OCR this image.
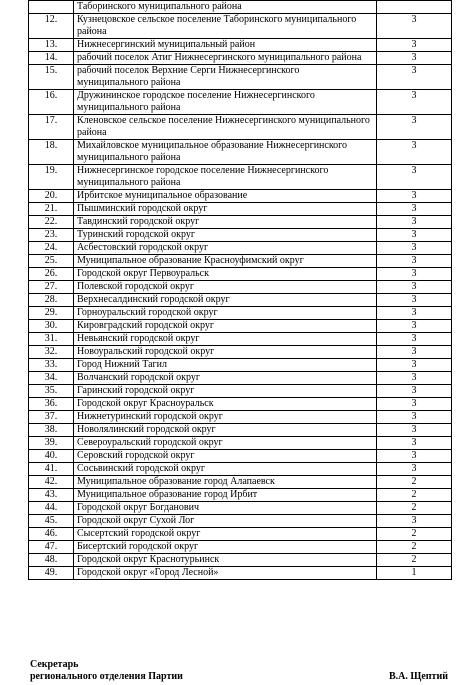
	Таборинского муниципального района	
12.	Кузнецовское сельское поселение Таборинского муниципального района	3
13.	Нижнесергинский муниципальный район	3
14.	рабочий поселок Атиг Нижнесергинского муниципального района	3
15.	рабочий поселок Верхние Серги Нижнесергинского муниципального района	3
16.	Дружининское городское поселение Нижнесергинского муниципального района	3
17.	Кленовское сельское поселение Нижнесергинского муниципального района	3
18.	Михайловское муниципальное образование Нижнесергинского муниципального района	3
19.	Нижнесергинское городское поселение Нижнесергинского муниципального района	3
20.	Ирбитское муниципальное образование	3
21.	Пышминский городской округ	3
22.	Тавдинский городской округ	3
23.	Туринский городской округ	3
24.	Асбестовский городской округ	3
25.	Муниципальное образование Красноуфимский округ	3
26.	Городской округ Первоуральск	3
27.	Полевской городской округ	3
28.	Верхнесалдинский городской округ	3
29.	Горноуральский городской округ	3
30.	Кировградский городской округ	3
31.	Невьянский городской округ	3
32.	Новоуральский городской округ	3
33.	Город Нижний Тагил	3
34.	Волчанский городской округ	3
35.	Гаринский городской округ	3
36.	Городской округ Красноуральск	3
37.	Нижнетуринский городской округ	3
38.	Новолялинский городской округ	3
39.	Североуральский городской округ	3
40.	Серовский городской округ	3
41.	Сосьвинский городской округ	3
42.	Муниципальное образование город Алапаевск	2
43.	Муниципальное образование город Ирбит	2
44.	Городской округ Богданович	2
45.	Городской округ Сухой Лог	3
46.	Сысертский городской округ	2
47.	Бисертский городской округ	2
48.	Городской округ Краснотурьинск	2
49.	Городской округ «Город Лесной»	1
Секретарь
регионального отделения Партии	В.А. Щептий
